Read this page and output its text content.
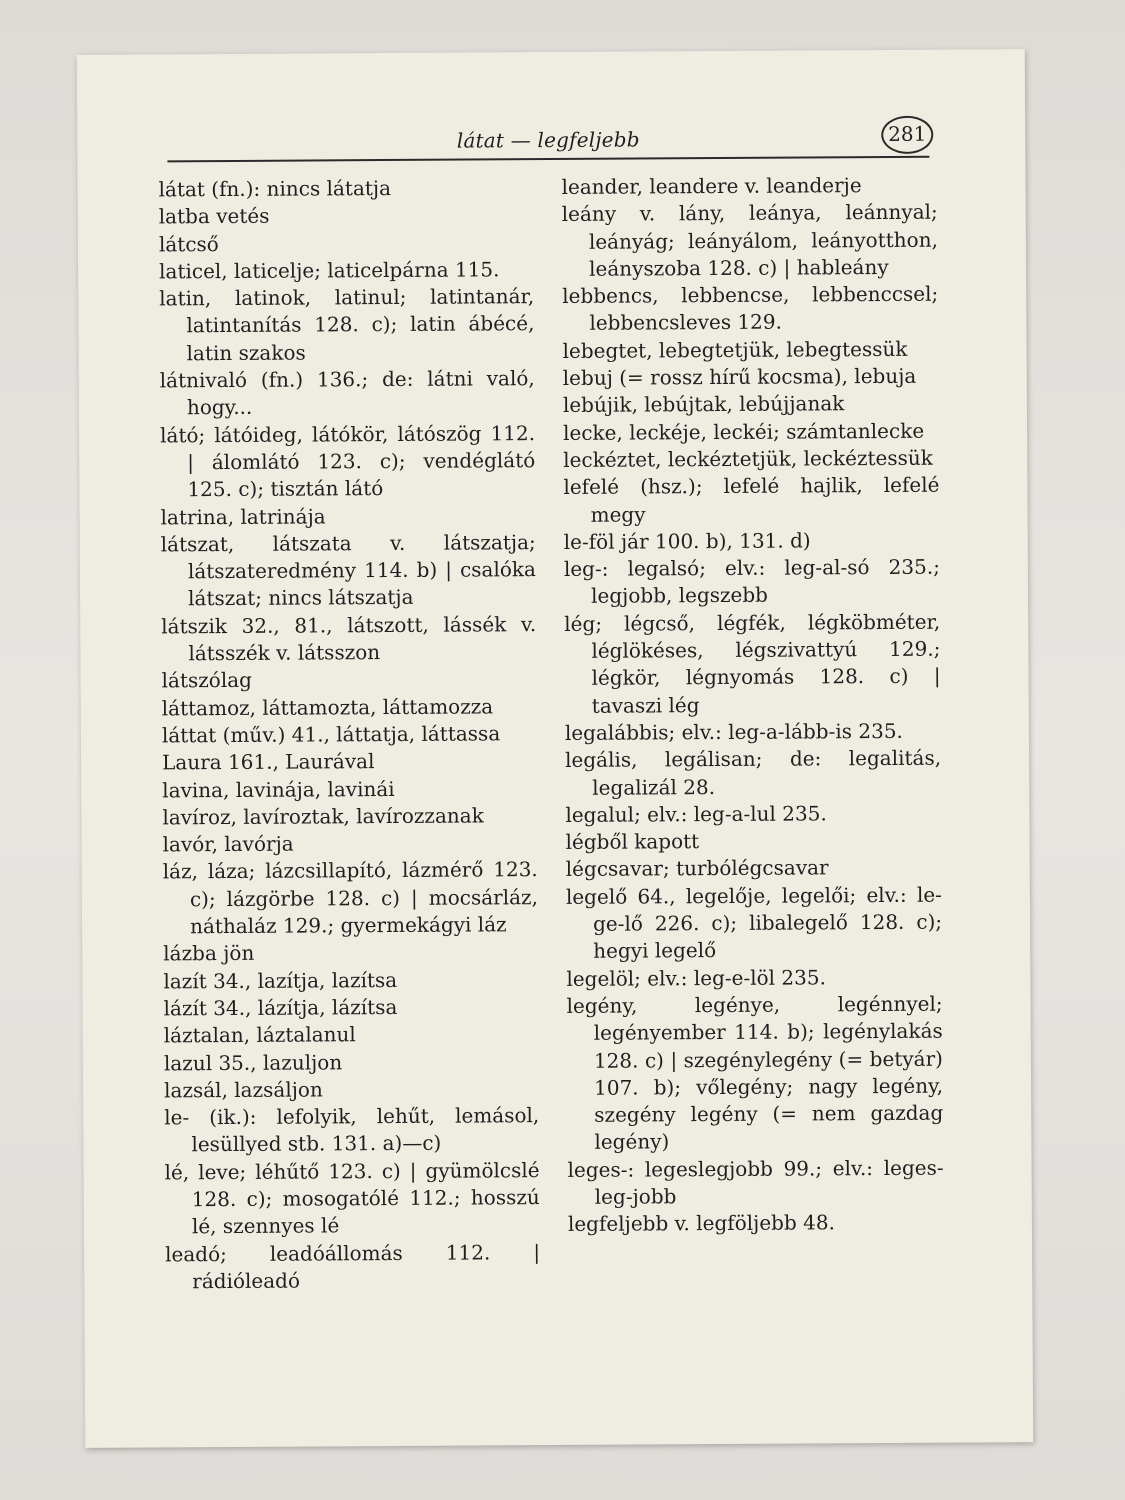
látat — legfeljebb	281

látat (fn.): nincs látatja

latba vetés

látcső

laticel, laticelje; laticelpárna 115.

latin, latinok, latinul; latintanár, latintanítás 128. c); latin ábécé, latin szakos

látnivaló (fn.) 136.; de: látni való, hogy...

látó; látóideg, látókör, látószög 112. | álomlátó 123. c); vendéglátó 125. c); tisztán látó

latrina, latrinája

látszat, látszata v. látszatja; látszateredmény 114. b) | csalóka látszat; nincs látszatja

látszik 32., 81., látszott, lássék v. látsszék v. látsszon

látszólag

láttamoz, láttamozta, láttamozza

láttat (műv.) 41., láttatja, láttassa

Laura 161., Laurával

lavina, lavinája, lavinái

lavíroz, lavíroztak, lavírozzanak

lavór, lavórja

láz, láza; lázcsillapító, lázmérő 123. c); lázgörbe 128. c) | mocsárláz, náthaláz 129.; gyermekágyi láz

lázba jön

lazít 34., lazítja, lazítsa

lázít 34., lázítja, lázítsa

láztalan, láztalanul

lazul 35., lazuljon

lazsál, lazsáljon

le- (ik.): lefolyik, lehűt, lemásol, lesüllyed stb. 131. a)—c)

lé, leve; léhűtő 123. c) | gyümölcslé 128. c); mosogatólé 112.; hosszú lé, szennyes lé

leadó; leadóállomás 112. | rádióleadó

leander, leandere v. leanderje

leány v. lány, leánya, leánnyal; leányág; leányálom, leányotthon, leányszoba 128. c) | hableány

lebbencs, lebbencse, lebbenccsel; lebbencsleves 129.

lebegtet, lebegtetjük, lebegtessük

lebuj (= rossz hírű kocsma), lebuja

lebújik, lebújtak, lebújjanak

lecke, leckéje, leckéi; számtanlecke

leckéztet, leckéztetjük, leckéztessük

lefelé (hsz.); lefelé hajlik, lefelé megy

le-föl jár 100. b), 131. d)

leg-: legalsó; elv.: leg-al-só 235.; legjobb, legszebb

lég; légcső, légfék, légköbméter, léglökéses, légszivattyú 129.; légkör, légnyomás 128. c) | tavaszi lég

legalábbis; elv.: leg-a-lább-is 235.

legális, legálisan; de: legalitás, legalizál 28.

legalul; elv.: leg-a-lul 235.

légből kapott

légcsavar; turbólégcsavar

legelő 64., legelője, legelői; elv.: le-ge-lő 226. c); libalegelő 128. c); hegyi legelő

legelöl; elv.: leg-e-löl 235.

legény, legénye, legénnyel; legényember 114. b); legénylakás 128. c) | szegénylegény (= betyár) 107. b); vőlegény; nagy legény, szegény legény (= nem gazdag legény)

leges-: legeslegjobb 99.; elv.: leges-leg-jobb

legfeljebb v. legföljebb 48.
